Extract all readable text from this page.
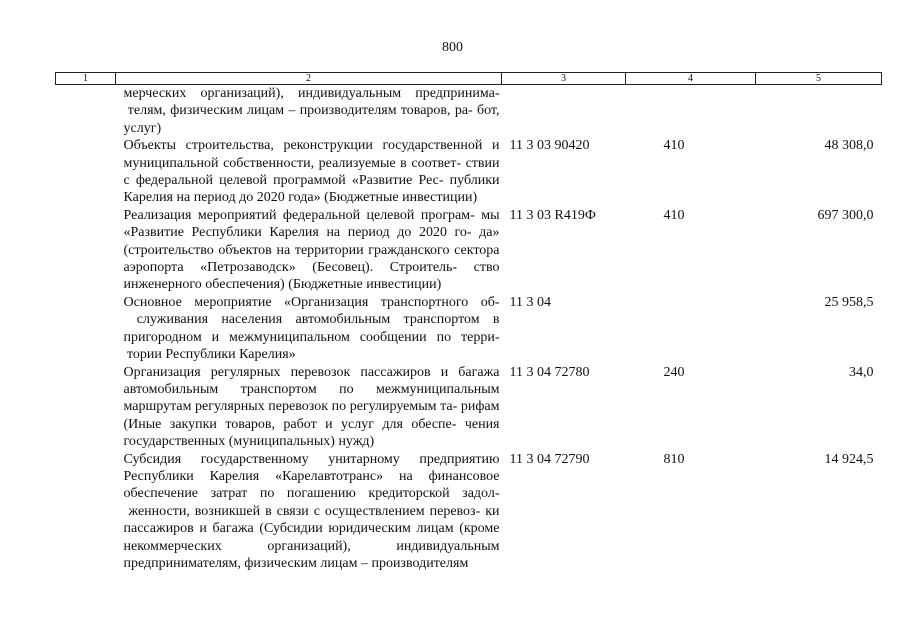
800
1	2	3	4	5
	мерческих организаций), индивидуальным предпринима- телям, физическим лицам – производителям товаров, ра- бот, услуг)			
	Объекты строительства, реконструкции государственной и муниципальной собственности, реализуемые в соответ- ствии с федеральной целевой программой «Развитие Рес- публики Карелия на период до 2020 года» (Бюджетные инвестиции)	11 3 03 90420	410	48 308,0
	Реализация мероприятий федеральной целевой програм- мы «Развитие Республики Карелия на период до 2020 го- да» (строительство объектов на территории гражданского сектора аэропорта «Петрозаводск» (Бесовец). Строитель- ство инженерного обеспечения) (Бюджетные инвестиции)	11 3 03 R419Ф	410	697 300,0
	Основное мероприятие «Организация транспортного об- служивания населения автомобильным транспортом в пригородном и межмуниципальном сообщении по терри- тории Республики Карелия»	11 3 04		25 958,5
	Организация регулярных перевозок пассажиров и багажа автомобильным транспортом по межмуниципальным маршрутам регулярных перевозок по регулируемым та- рифам (Иные закупки товаров, работ и услуг для обеспе- чения государственных (муниципальных) нужд)	11 3 04 72780	240	34,0
	Субсидия государственному унитарному предприятию Республики Карелия «Карелавтотранс» на финансовое обеспечение затрат по погашению кредиторской задол- женности, возникшей в связи с осуществлением перевоз- ки пассажиров и багажа (Субсидии юридическим лицам (кроме некоммерческих организаций), индивидуальным предпринимателям, физическим лицам – производителям	11 3 04 72790	810	14 924,5
